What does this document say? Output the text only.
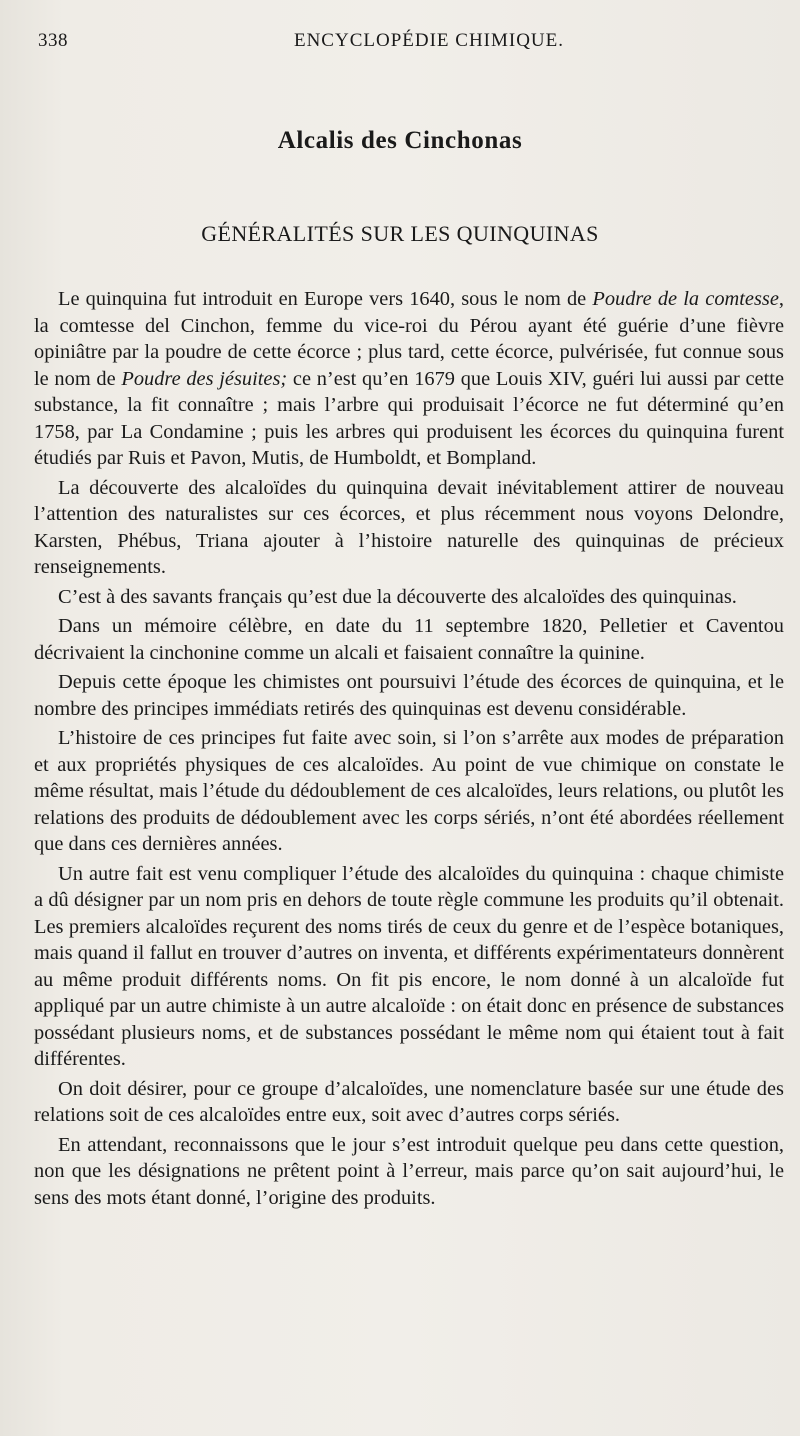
338	ENCYCLOPÉDIE CHIMIQUE.
Alcalis des Cinchonas
GÉNÉRALITÉS SUR LES QUINQUINAS

Le quinquina fut introduit en Europe vers 1640, sous le nom de Poudre de la comtesse, la comtesse del Cinchon, femme du vice-roi du Pérou ayant été guérie d’une fièvre opiniâtre par la poudre de cette écorce ; plus tard, cette écorce, pulvérisée, fut connue sous le nom de Poudre des jésuites; ce n’est qu’en 1679 que Louis XIV, guéri lui aussi par cette substance, la fit connaître ; mais l’arbre qui produisait l’écorce ne fut déterminé qu’en 1758, par La Condamine ; puis les arbres qui produisent les écorces du quinquina furent étudiés par Ruis et Pavon, Mutis, de Humboldt, et Bompland.

La découverte des alcaloïdes du quinquina devait inévitablement attirer de nouveau l’attention des naturalistes sur ces écorces, et plus récemment nous voyons Delondre, Karsten, Phébus, Triana ajouter à l’histoire naturelle des quinquinas de précieux renseignements.

C’est à des savants français qu’est due la découverte des alcaloïdes des quinquinas.

Dans un mémoire célèbre, en date du 11 septembre 1820, Pelletier et Caventou décrivaient la cinchonine comme un alcali et faisaient connaître la quinine.

Depuis cette époque les chimistes ont poursuivi l’étude des écorces de quinquina, et le nombre des principes immédiats retirés des quinquinas est devenu considérable.

L’histoire de ces principes fut faite avec soin, si l’on s’arrête aux modes de préparation et aux propriétés physiques de ces alcaloïdes. Au point de vue chimique on constate le même résultat, mais l’étude du dédoublement de ces alcaloïdes, leurs relations, ou plutôt les relations des produits de dédoublement avec les corps sériés, n’ont été abordées réellement que dans ces dernières années.

Un autre fait est venu compliquer l’étude des alcaloïdes du quinquina : chaque chimiste a dû désigner par un nom pris en dehors de toute règle commune les produits qu’il obtenait. Les premiers alcaloïdes reçurent des noms tirés de ceux du genre et de l’espèce botaniques, mais quand il fallut en trouver d’autres on inventa, et différents expérimentateurs donnèrent au même produit différents noms. On fit pis encore, le nom donné à un alcaloïde fut appliqué par un autre chimiste à un autre alcaloïde : on était donc en présence de substances possédant plusieurs noms, et de substances possédant le même nom qui étaient tout à fait différentes.

On doit désirer, pour ce groupe d’alcaloïdes, une nomenclature basée sur une étude des relations soit de ces alcaloïdes entre eux, soit avec d’autres corps sériés.

En attendant, reconnaissons que le jour s’est introduit quelque peu dans cette question, non que les désignations ne prêtent point à l’erreur, mais parce qu’on sait aujourd’hui, le sens des mots étant donné, l’origine des produits.
